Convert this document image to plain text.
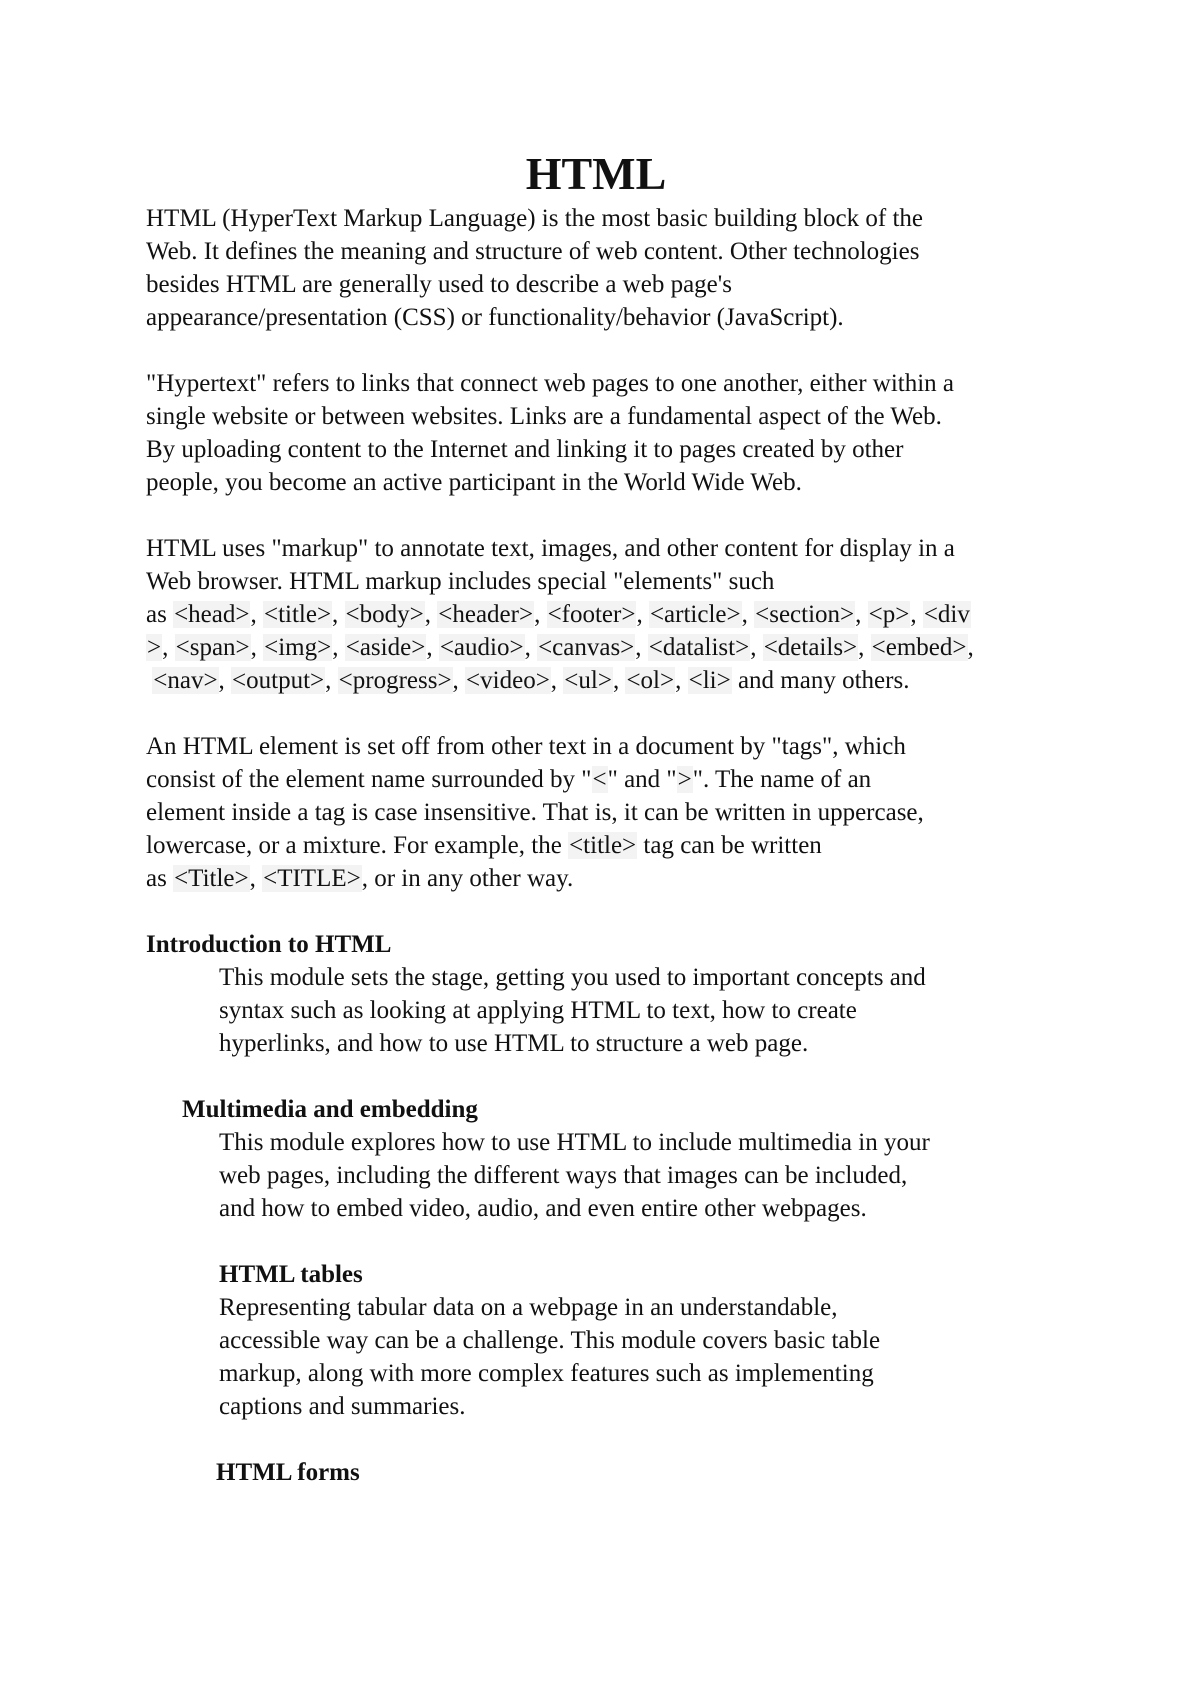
HTML

HTML (HyperText Markup Language) is the most basic building block of the
Web. It defines the meaning and structure of web content. Other technologies
besides HTML are generally used to describe a web page's
appearance/presentation (CSS) or functionality/behavior (JavaScript).

"Hypertext" refers to links that connect web pages to one another, either within a
single website or between websites. Links are a fundamental aspect of the Web.
By uploading content to the Internet and linking it to pages created by other
people, you become an active participant in the World Wide Web.

HTML uses "markup" to annotate text, images, and other content for display in a
Web browser. HTML markup includes special "elements" such
as <head>, <title>, <body>, <header>, <footer>, <article>, <section>, <p>, <div
>, <span>, <img>, <aside>, <audio>, <canvas>, <datalist>, <details>, <embed>,
<nav>, <output>, <progress>, <video>, <ul>, <ol>, <li> and many others.

An HTML element is set off from other text in a document by "tags", which
consist of the element name surrounded by "<" and ">". The name of an
element inside a tag is case insensitive. That is, it can be written in uppercase,
lowercase, or a mixture. For example, the <title> tag can be written
as <Title>, <TITLE>, or in any other way.

Introduction to HTML
This module sets the stage, getting you used to important concepts and
syntax such as looking at applying HTML to text, how to create
hyperlinks, and how to use HTML to structure a web page.
Multimedia and embedding
This module explores how to use HTML to include multimedia in your
web pages, including the different ways that images can be included,
and how to embed video, audio, and even entire other webpages.
HTML tables
Representing tabular data on a webpage in an understandable,
accessible way can be a challenge. This module covers basic table
markup, along with more complex features such as implementing
captions and summaries.
HTML forms
